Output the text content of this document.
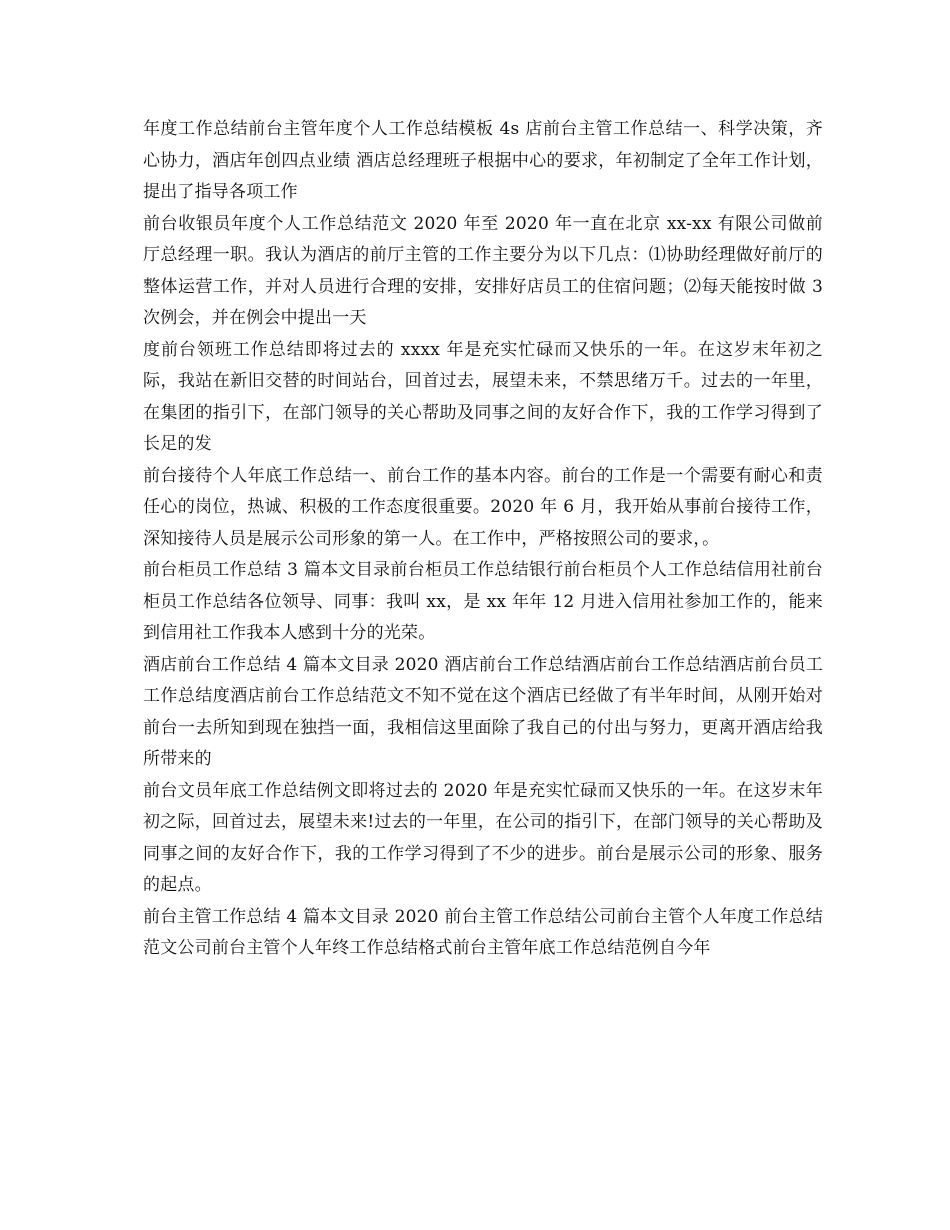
年度工作总结前台主管年度个人工作总结模板 4s 店前台主管工作总结一、科学决策，齐心协力，酒店年创四点业绩 酒店总经理班子根据中心的要求，年初制定了全年工作计划，提出了指导各项工作

前台收银员年度个人工作总结范文 2020 年至 2020 年一直在北京 xx-xx 有限公司做前厅总经理一职。我认为酒店的前厅主管的工作主要分为以下几点：⑴协助经理做好前厅的整体运营工作，并对人员进行合理的安排，安排好店员工的住宿问题；⑵每天能按时做 3 次例会，并在例会中提出一天

度前台领班工作总结即将过去的 xxxx 年是充实忙碌而又快乐的一年。在这岁末年初之际，我站在新旧交替的时间站台，回首过去，展望未来，不禁思绪万千。过去的一年里，在集团的指引下，在部门领导的关心帮助及同事之间的友好合作下，我的工作学习得到了长足的发

前台接待个人年底工作总结一、前台工作的基本内容。前台的工作是一个需要有耐心和责任心的岗位，热诚、积极的工作态度很重要。2020 年 6 月，我开始从事前台接待工作，深知接待人员是展示公司形象的第一人。在工作中，严格按照公司的要求，。

前台柜员工作总结 3 篇本文目录前台柜员工作总结银行前台柜员个人工作总结信用社前台柜员工作总结各位领导、同事：我叫 xx，是 xx 年年 12 月进入信用社参加工作的，能来到信用社工作我本人感到十分的光荣。

酒店前台工作总结 4 篇本文目录 2020 酒店前台工作总结酒店前台工作总结酒店前台员工工作总结度酒店前台工作总结范文不知不觉在这个酒店已经做了有半年时间，从刚开始对前台一去所知到现在独挡一面，我相信这里面除了我自己的付出与努力，更离开酒店给我所带来的

前台文员年底工作总结例文即将过去的 2020 年是充实忙碌而又快乐的一年。在这岁末年初之际，回首过去，展望未来!过去的一年里，在公司的指引下，在部门领导的关心帮助及同事之间的友好合作下，我的工作学习得到了不少的进步。前台是展示公司的形象、服务的起点。

前台主管工作总结 4 篇本文目录 2020 前台主管工作总结公司前台主管个人年度工作总结范文公司前台主管个人年终工作总结格式前台主管年底工作总结范例自今年
